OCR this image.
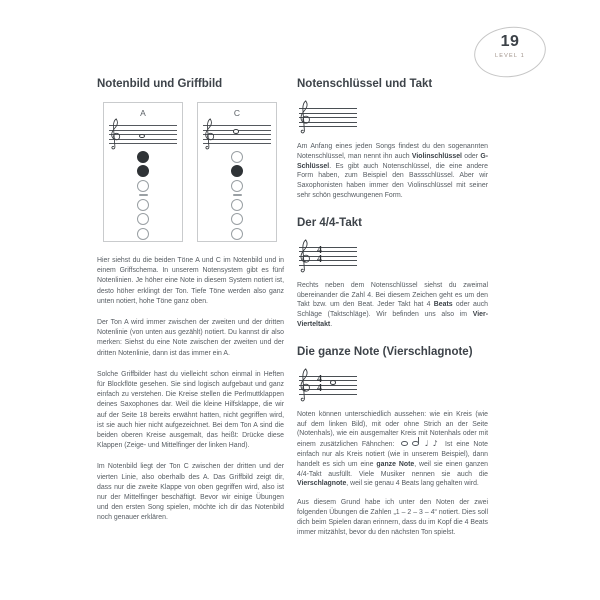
19
LEVEL 1
Notenbild und Griffbild
A	C

Hier siehst du die beiden Töne A und C im Notenbild und in einem Griffschema. In unserem Notensystem gibt es fünf Notenlinien. Je höher eine Note in diesem System notiert ist, desto höher erklingt der Ton. Tiefe Töne werden also ganz unten notiert, hohe Töne ganz oben.

Der Ton A wird immer zwischen der zweiten und der dritten Notenlinie (von unten aus gezählt) notiert. Du kannst dir also merken: Siehst du eine Note zwischen der zweiten und der dritten Notenlinie, dann ist das immer ein A.

Solche Griffbilder hast du vielleicht schon einmal in Heften für Blockflöte gesehen. Sie sind logisch aufgebaut und ganz einfach zu verstehen. Die Kreise stellen die Perlmuttklappen deines Saxophones dar. Weil die kleine Hilfsklappe, die wir auf der Seite 18 bereits erwähnt hatten, nicht gegriffen wird, ist sie auch hier nicht aufgezeichnet. Bei dem Ton A sind die beiden oberen Kreise ausgemalt, das heißt: Drücke diese Klappen (Zeige- und Mittelfinger der linken Hand).

Im Notenbild liegt der Ton C zwischen der dritten und der vierten Linie, also oberhalb des A. Das Griffbild zeigt dir, dass nur die zweite Klappe von oben gegriffen wird, also ist nur der Mittelfinger beschäftigt. Bevor wir einige Übungen und den ersten Song spielen, möchte ich dir das Notenbild noch genauer erklären.

Notenschlüssel und Takt

Am Anfang eines jeden Songs findest du den sogenannten Notenschlüssel, man nennt ihn auch Violinschlüssel oder G-Schlüssel. Es gibt auch Notenschlüssel, die eine andere Form haben, zum Beispiel den Bassschlüssel. Aber wir Saxophonisten haben immer den Violinschlüssel mit seiner sehr schön geschwungenen Form.

Der 4/4-Takt
4
4

Rechts neben dem Notenschlüssel siehst du zweimal übereinander die Zahl 4. Bei diesem Zeichen geht es um den Takt bzw. um den Beat. Jeder Takt hat 4 Beats oder auch Schläge (Taktschläge). Wir befinden uns also im Vier-Vierteltakt.

Die ganze Note (Vierschlagnote)
4
4

Noten können unterschiedlich aussehen: wie ein Kreis (wie auf dem linken Bild), mit oder ohne Strich an der Seite (Notenhals), wie ein ausgemalter Kreis mit Notenhals oder mit einem zusätzlichen Fähnchen:	♩ ♪ Ist eine Note einfach nur als Kreis notiert (wie in unserem Beispiel), dann handelt es sich um eine ganze Note, weil sie einen ganzen 4/4-Takt ausfüllt. Viele Musiker nennen sie auch die Vierschlagnote, weil sie genau 4 Beats lang gehalten wird.

Aus diesem Grund habe ich unter den Noten der zwei folgenden Übungen die Zahlen „1 – 2 – 3 – 4“ notiert. Dies soll dich beim Spielen daran erinnern, dass du im Kopf die 4 Beats immer mitzählst, bevor du den nächsten Ton spielst.
